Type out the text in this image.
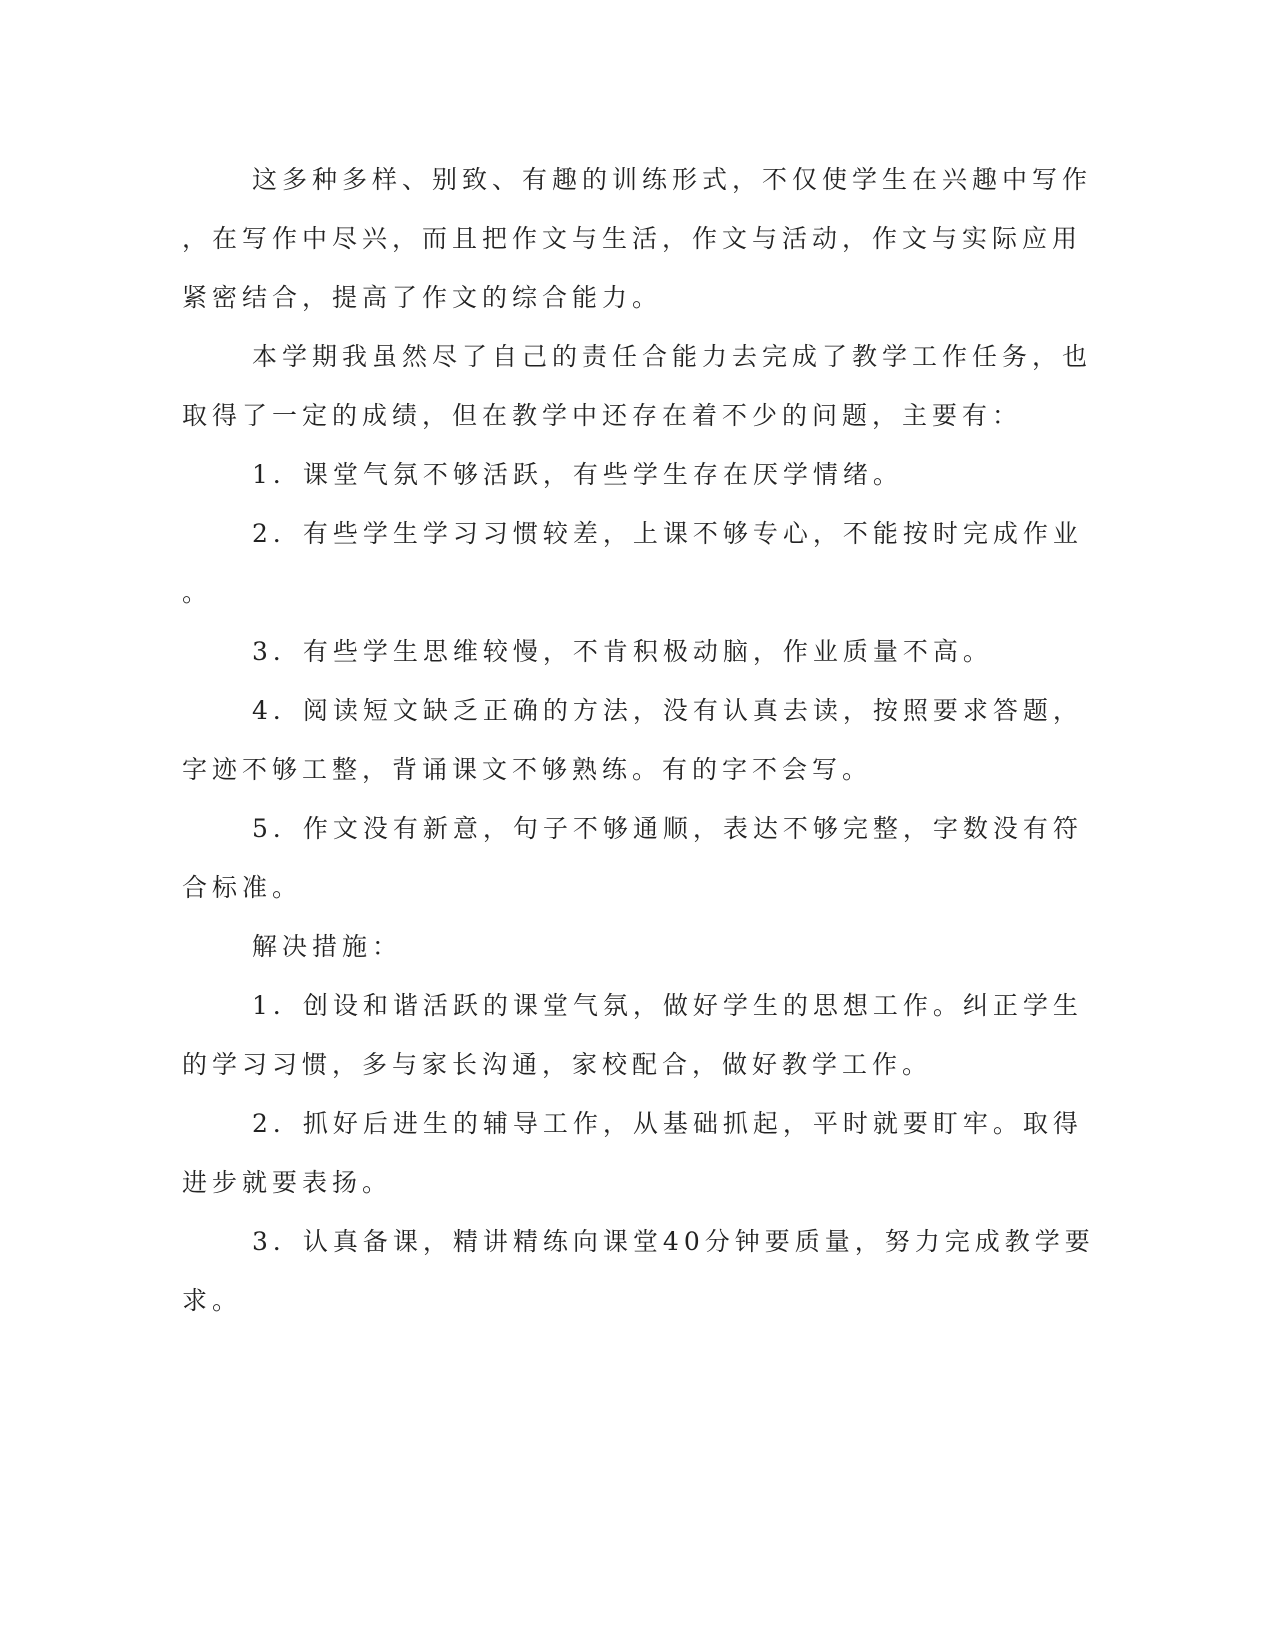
这多种多样、别致、有趣的训练形式，不仅使学生在兴趣中写作
，在写作中尽兴，而且把作文与生活，作文与活动，作文与实际应用
紧密结合，提高了作文的综合能力。
本学期我虽然尽了自己的责任合能力去完成了教学工作任务，也
取得了一定的成绩，但在教学中还存在着不少的问题，主要有：
1．课堂气氛不够活跃，有些学生存在厌学情绪。
2．有些学生学习习惯较差，上课不够专心，不能按时完成作业
。
3．有些学生思维较慢，不肯积极动脑，作业质量不高。
4．阅读短文缺乏正确的方法，没有认真去读，按照要求答题，
字迹不够工整，背诵课文不够熟练。有的字不会写。
5．作文没有新意，句子不够通顺，表达不够完整，字数没有符
合标准。
解决措施：
1．创设和谐活跃的课堂气氛，做好学生的思想工作。纠正学生
的学习习惯，多与家长沟通，家校配合，做好教学工作。
2．抓好后进生的辅导工作，从基础抓起，平时就要盯牢。取得
进步就要表扬。
3．认真备课，精讲精练向课堂40分钟要质量，努力完成教学要
求。
